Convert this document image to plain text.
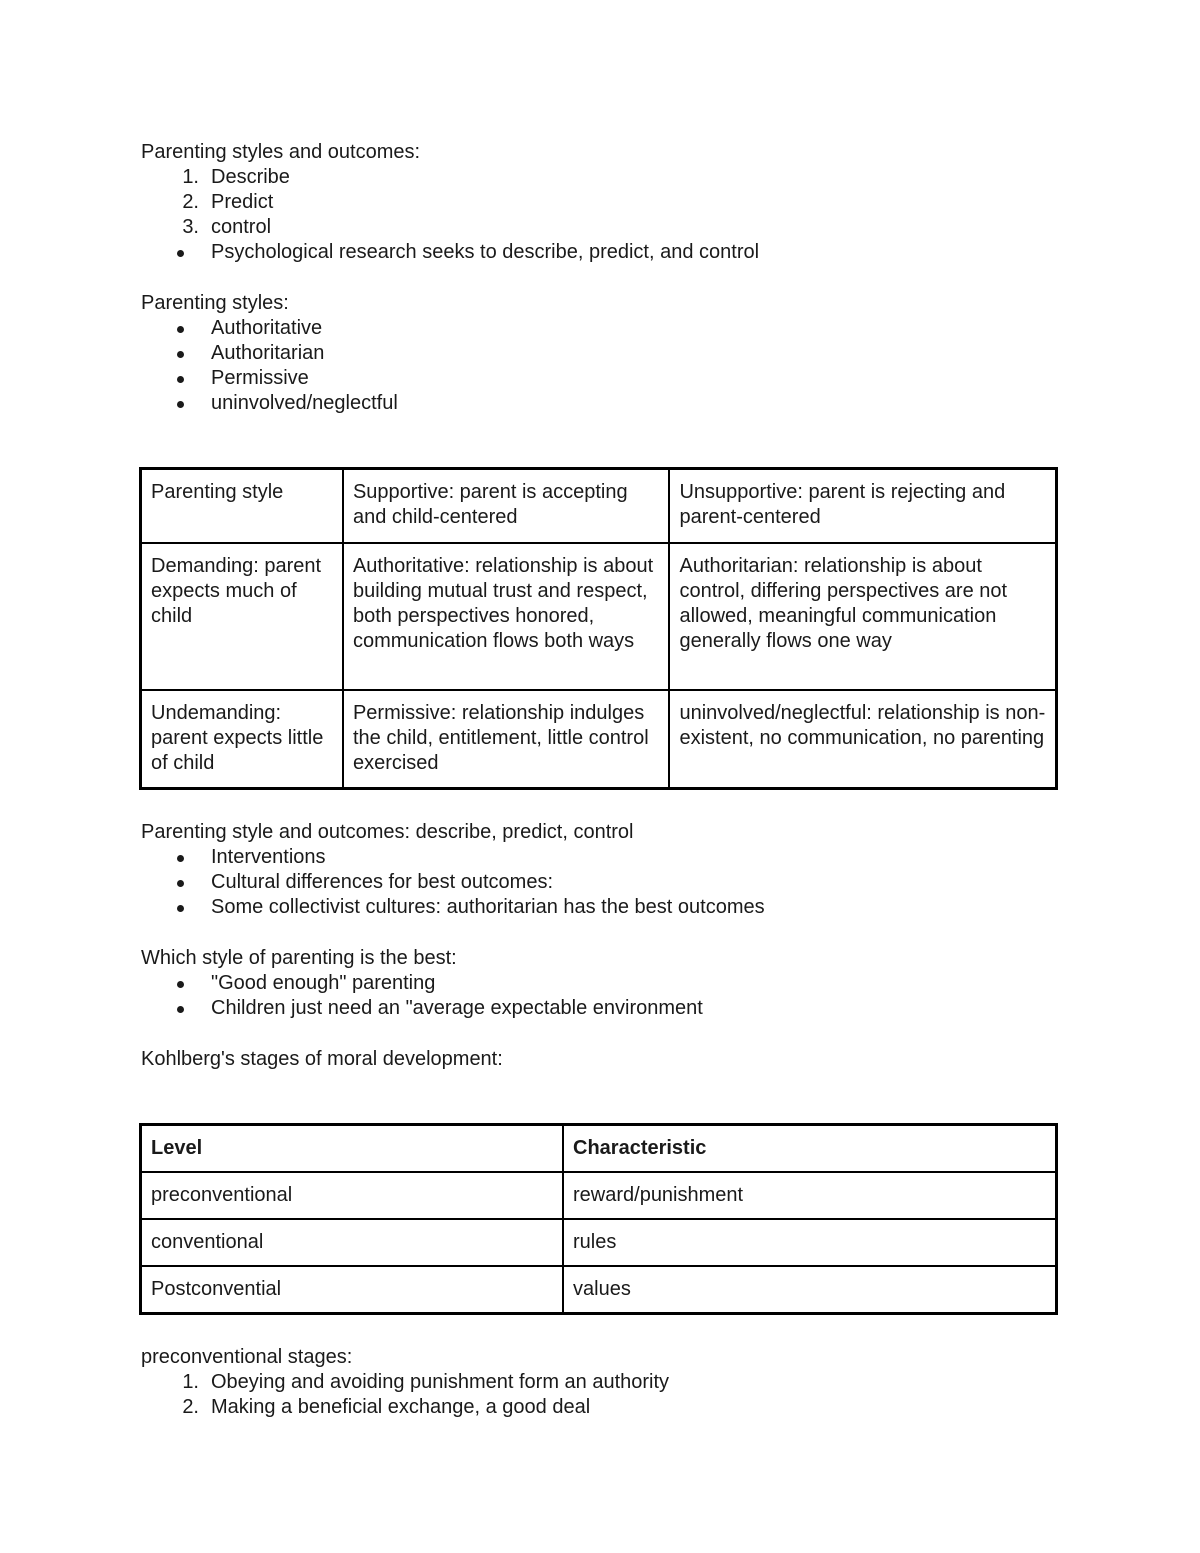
Parenting styles and outcomes:

1. Describe
2. Predict
3. control
Psychological research seeks to describe, predict, and control

Parenting styles:

Authoritative
Authoritarian
Permissive
uninvolved/neglectful
Parenting style	Supportive: parent is accepting and child-centered	Unsupportive: parent is rejecting and parent-centered
Demanding: parent expects much of child	Authoritative: relationship is about building mutual trust and respect, both perspectives honored, communication flows both ways	Authoritarian: relationship is about control, differing perspectives are not allowed, meaningful communication generally flows one way
Undemanding: parent expects little of child	Permissive: relationship indulges the child, entitlement, little control exercised	uninvolved/neglectful: relationship is non-existent, no communication, no parenting

Parenting style and outcomes: describe, predict, control

Interventions
Cultural differences for best outcomes:
Some collectivist cultures: authoritarian has the best outcomes

Which style of parenting is the best:

"Good enough" parenting
Children just need an "average expectable environment

Kohlberg's stages of moral development:

Level	Characteristic
preconventional	reward/punishment
conventional	rules
Postconvential	values

preconventional stages:

1. Obeying and avoiding punishment form an authority
2. Making a beneficial exchange, a good deal
